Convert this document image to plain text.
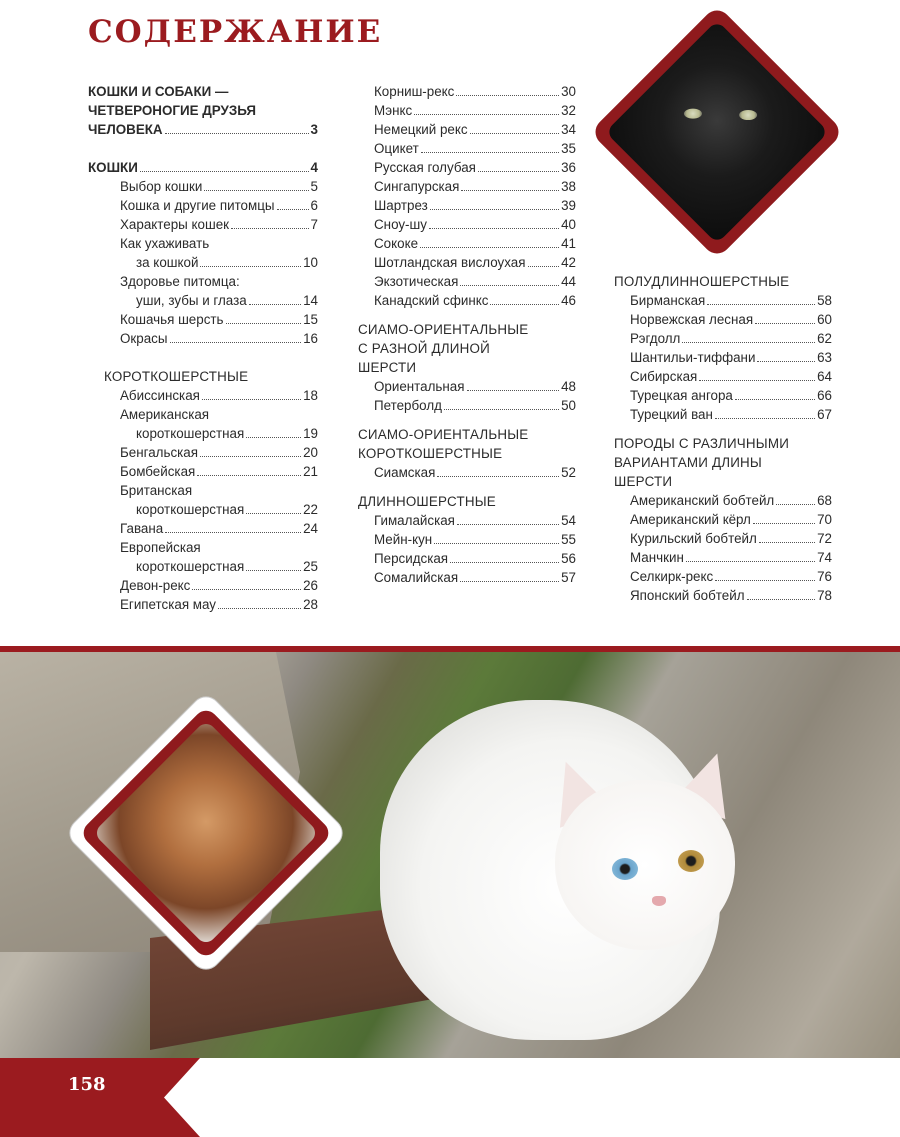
СОДЕРЖАНИЕ
КОШКИ И СОБАКИ —
ЧЕТВЕРОНОГИЕ ДРУЗЬЯ
ЧЕЛОВЕКА	3
КОШКИ	4
Выбор кошки	5
Кошка и другие питомцы	6
Характеры кошек	7
Как ухаживать
за кошкой	10
Здоровье питомца:
уши, зубы и глаза	14
Кошачья шерсть	15
Окрасы	16
КОРОТКОШЕРСТНЫЕ
Абиссинская	18
Американская
короткошерстная	19
Бенгальская	20
Бомбейская	21
Британская
короткошерстная	22
Гавана	24
Европейская
короткошерстная	25
Девон-рекс	26
Египетская мау	28
Корниш-рекс	30
Мэнкс	32
Немецкий рекс	34
Оцикет	35
Русская голубая	36
Сингапурская	38
Шартрез	39
Сноу-шу	40
Сококе	41
Шотландская вислоухая	42
Экзотическая	44
Канадский сфинкс	46
СИАМО-ОРИЕНТАЛЬНЫЕ
С РАЗНОЙ ДЛИНОЙ
ШЕРСТИ
Ориентальная	48
Петерболд	50
СИАМО-ОРИЕНТАЛЬНЫЕ
КОРОТКОШЕРСТНЫЕ
Сиамская	52
ДЛИННОШЕРСТНЫЕ
Гималайская	54
Мейн-кун	55
Персидская	56
Сомалийская	57
ПОЛУДЛИННОШЕРСТНЫЕ
Бирманская	58
Норвежская лесная	60
Рэгдолл	62
Шантильи-тиффани	63
Сибирская	64
Турецкая ангора	66
Турецкий ван	67
ПОРОДЫ С РАЗЛИЧНЫМИ
ВАРИАНТАМИ ДЛИНЫ
ШЕРСТИ
Американский бобтейл	68
Американский кёрл	70
Курильский бобтейл	72
Манчкин	74
Селкирк-рекс	76
Японский бобтейл	78
158
